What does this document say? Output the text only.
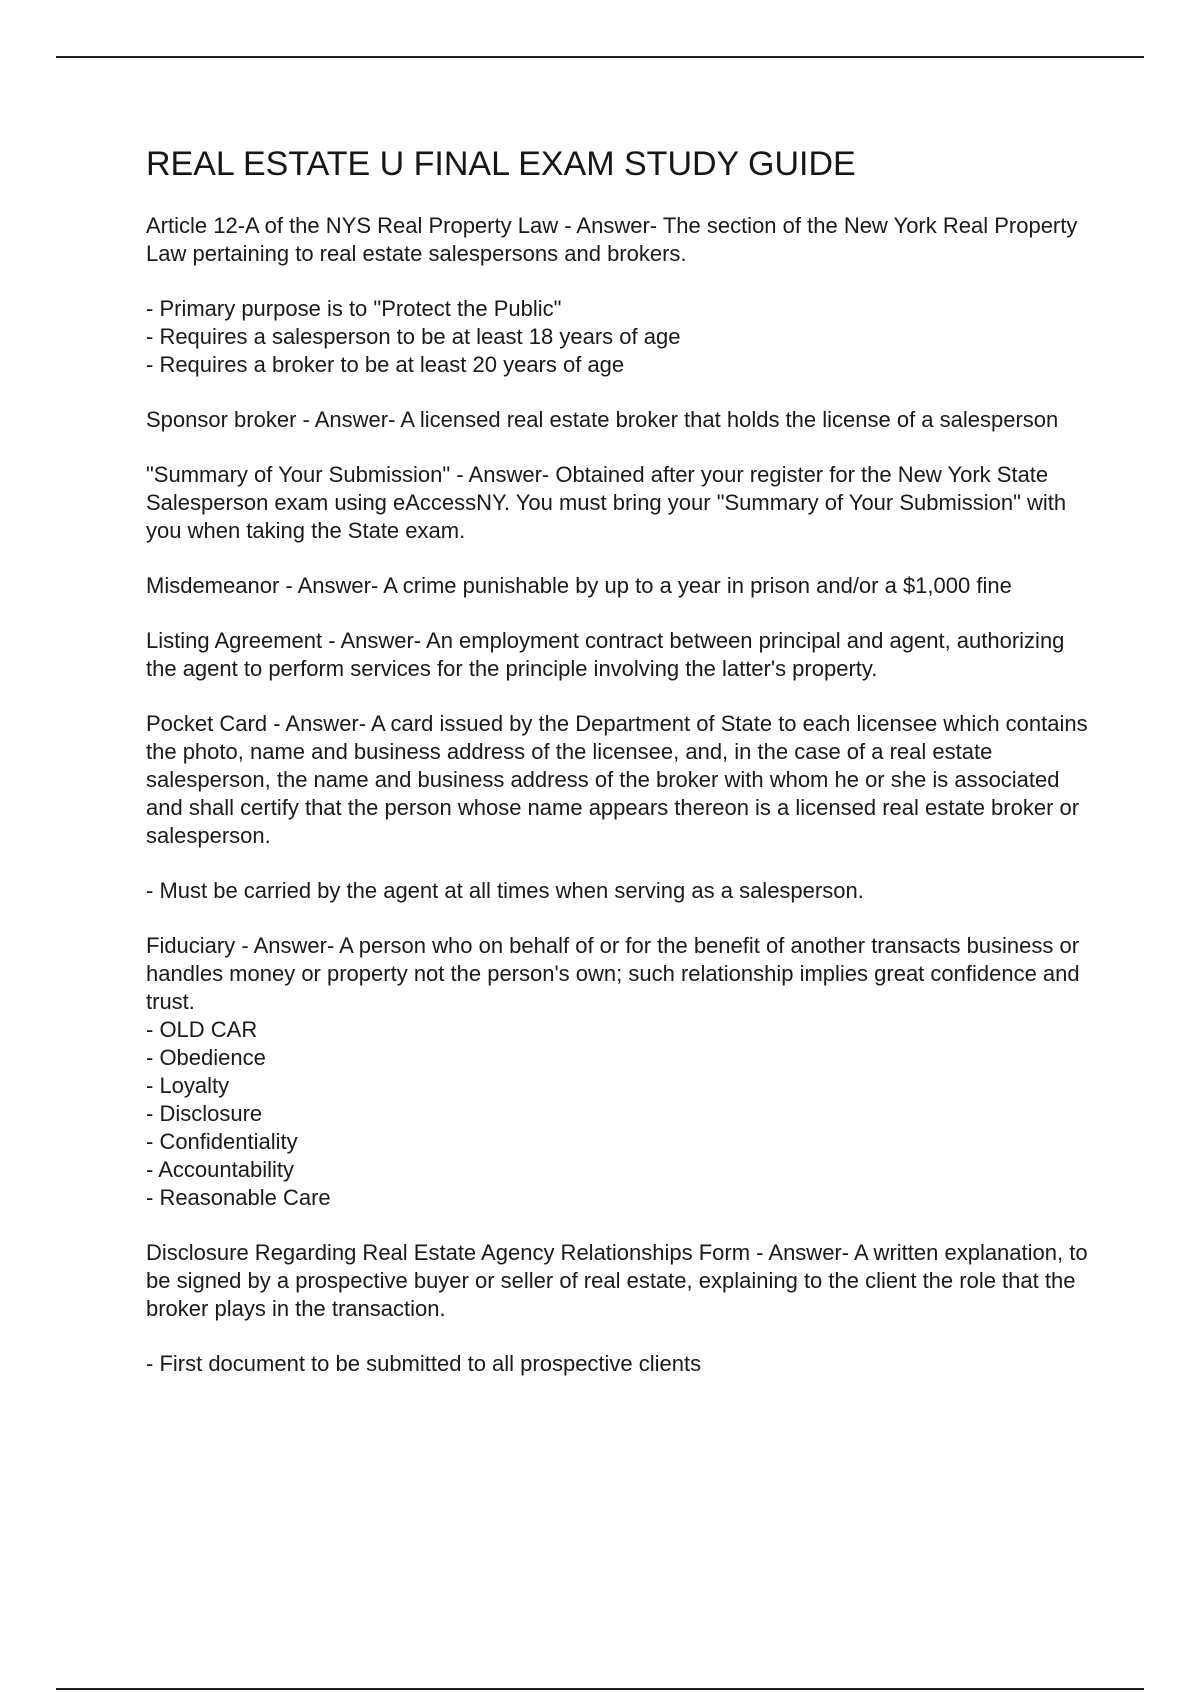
REAL ESTATE U FINAL EXAM STUDY GUIDE

Article 12-A of the NYS Real Property Law - Answer- The section of the New York Real Property Law pertaining to real estate salespersons and brokers.

- Primary purpose is to "Protect the Public"
- Requires a salesperson to be at least 18 years of age
- Requires a broker to be at least 20 years of age

Sponsor broker - Answer- A licensed real estate broker that holds the license of a salesperson

"Summary of Your Submission" - Answer- Obtained after your register for the New York State Salesperson exam using eAccessNY. You must bring your "Summary of Your Submission" with you when taking the State exam.

Misdemeanor - Answer- A crime punishable by up to a year in prison and/or a $1,000 fine

Listing Agreement - Answer- An employment contract between principal and agent, authorizing the agent to perform services for the principle involving the latter's property.

Pocket Card - Answer- A card issued by the Department of State to each licensee which contains the photo, name and business address of the licensee, and, in the case of a real estate salesperson, the name and business address of the broker with whom he or she is associated and shall certify that the person whose name appears thereon is a licensed real estate broker or salesperson.

- Must be carried by the agent at all times when serving as a salesperson.

Fiduciary - Answer- A person who on behalf of or for the benefit of another transacts business or handles money or property not the person's own; such relationship implies great confidence and trust.

- OLD CAR
- Obedience
- Loyalty
- Disclosure
- Confidentiality
- Accountability
- Reasonable Care

Disclosure Regarding Real Estate Agency Relationships Form - Answer- A written explanation, to be signed by a prospective buyer or seller of real estate, explaining to the client the role that the broker plays in the transaction.

- First document to be submitted to all prospective clients
